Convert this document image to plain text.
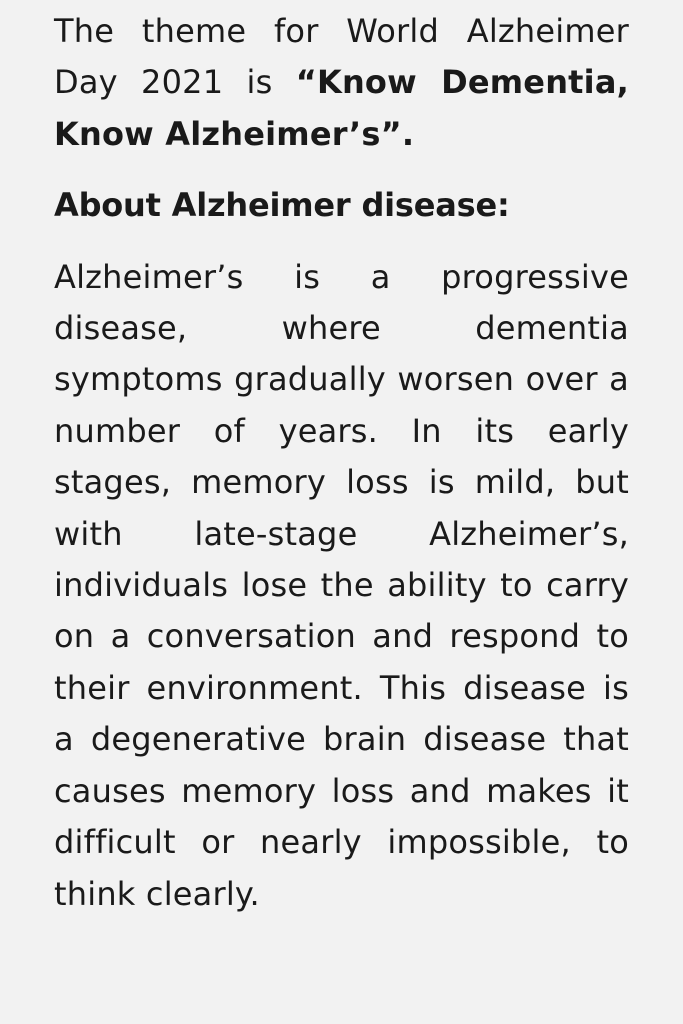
The theme for World Alzheimer Day 2021 is “Know Dementia, Know Alzheimer’s”.

About Alzheimer disease:

Alzheimer’s is a progressive disease, where dementia symptoms gradually worsen over a number of years. In its early stages, memory loss is mild, but with late-stage Alzheimer’s, individuals lose the ability to carry on a conversation and respond to their environment. This disease is a degenerative brain disease that causes memory loss and makes it difficult or nearly impossible, to think clearly.
